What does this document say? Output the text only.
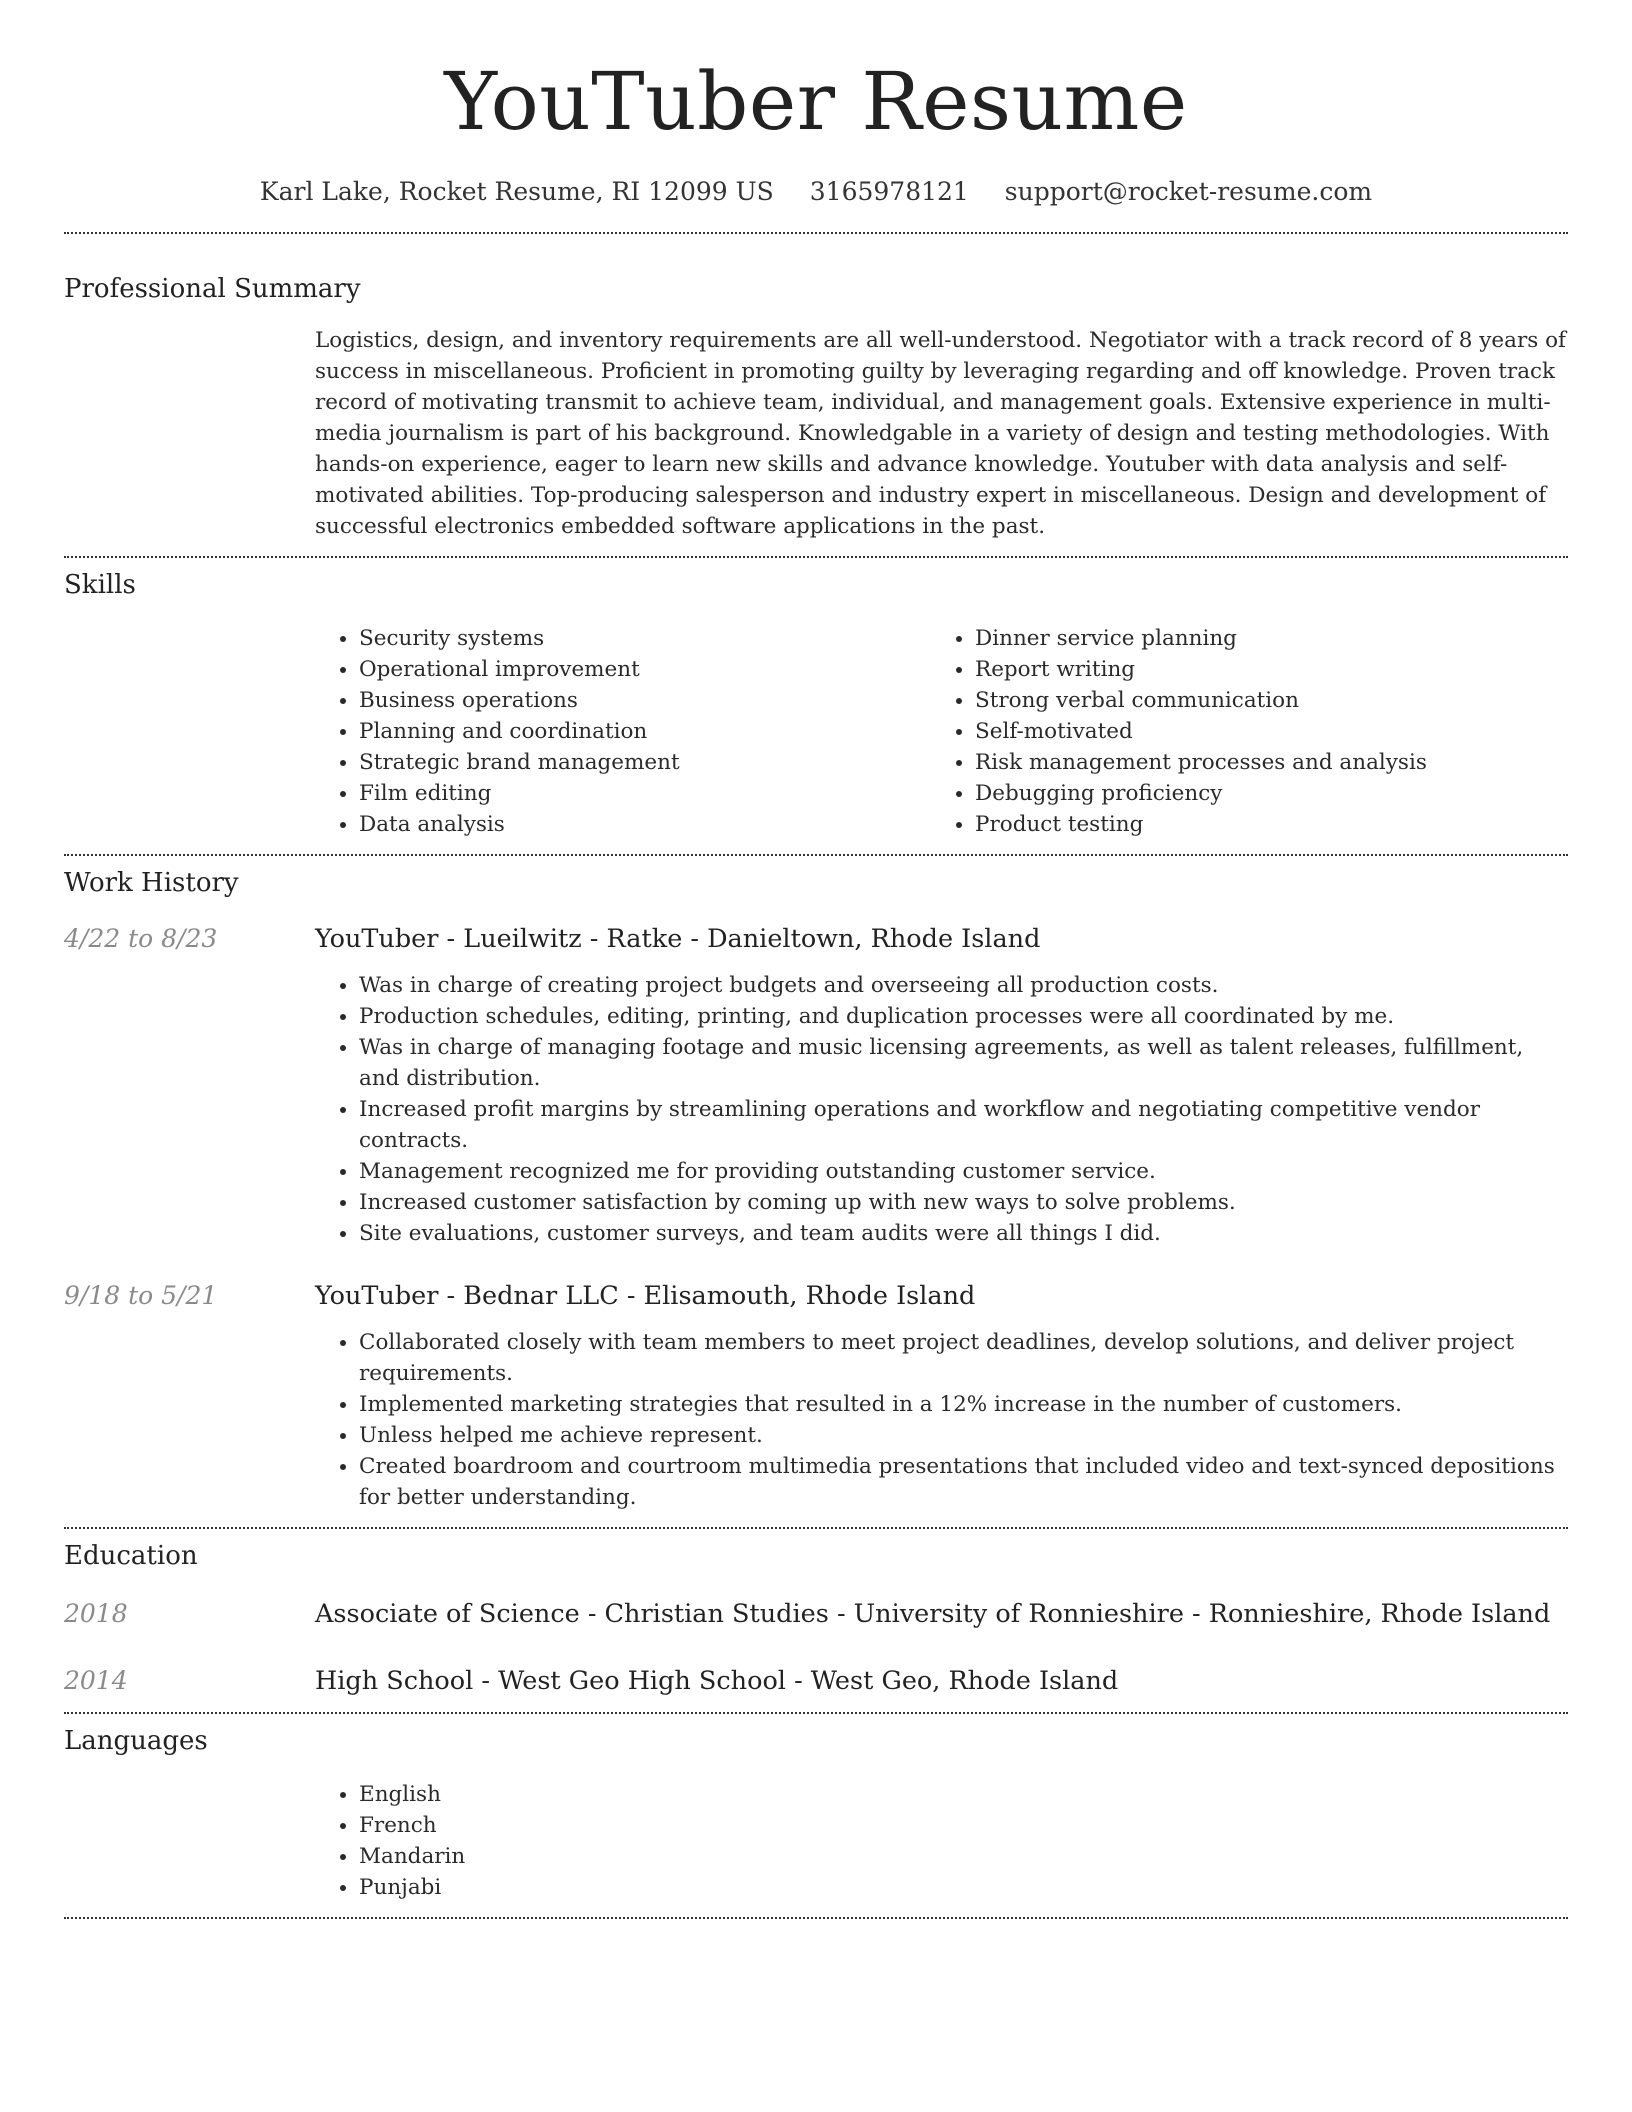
YouTuber Resume
Karl Lake, Rocket Resume, RI 12099 US 3165978121 support@rocket-resume.com
Professional Summary

Logistics, design, and inventory requirements are all well-understood. Negotiator with a track record of 8 years of success in miscellaneous. Proficient in promoting guilty by leveraging regarding and off knowledge. Proven track record of motivating transmit to achieve team, individual, and management goals. Extensive experience in multi-media journalism is part of his background. Knowledgable in a variety of design and testing methodologies. With hands-on experience, eager to learn new skills and advance knowledge. Youtuber with data analysis and self-motivated abilities. Top-producing salesperson and industry expert in miscellaneous. Design and development of successful electronics embedded software applications in the past.

Skills
• Security systems
• Operational improvement
• Business operations
• Planning and coordination
• Strategic brand management
• Film editing
• Data analysis
• Dinner service planning
• Report writing
• Strong verbal communication
• Self-motivated
• Risk management processes and analysis
• Debugging proficiency
• Product testing
Work History
4/22 to 8/23	YouTuber - Lueilwitz - Ratke - Danieltown, Rhode Island
• Was in charge of creating project budgets and overseeing all production costs.
• Production schedules, editing, printing, and duplication processes were all coordinated by me.
• Was in charge of managing footage and music licensing agreements, as well as talent releases, fulfillment, and distribution.
• Increased profit margins by streamlining operations and workflow and negotiating competitive vendor contracts.
• Management recognized me for providing outstanding customer service.
• Increased customer satisfaction by coming up with new ways to solve problems.
• Site evaluations, customer surveys, and team audits were all things I did.
9/18 to 5/21	YouTuber - Bednar LLC - Elisamouth, Rhode Island
• Collaborated closely with team members to meet project deadlines, develop solutions, and deliver project requirements.
• Implemented marketing strategies that resulted in a 12% increase in the number of customers.
• Unless helped me achieve represent.
• Created boardroom and courtroom multimedia presentations that included video and text-synced depositions for better understanding.
Education
2018	Associate of Science - Christian Studies - University of Ronnieshire - Ronnieshire, Rhode Island
2014	High School - West Geo High School - West Geo, Rhode Island
Languages
• English
• French
• Mandarin
• Punjabi
